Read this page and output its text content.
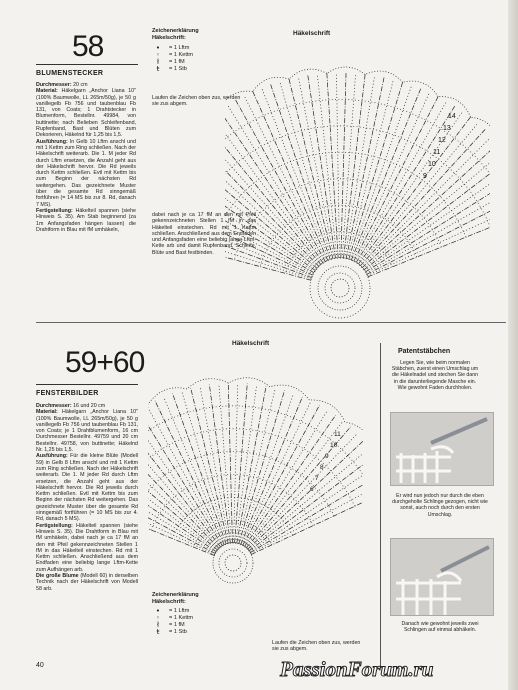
58
BLUMENSTECKER
Durchmesser: 20 cm
Material: Häkelgarn „Anchor Liana 10" (100% Baumwolle, LL 265m/50g), je 50 g vanillegelb Fb 756 und taubenblau Fb 131, von Coats; 1 Drahtstecker in Blumenform, Bestellnr. 49984, von buttinette; nach Belieben Schleifenband, Rupfenband, Bast und Blüten zum Dekorieren, Häkelnd für 1,25 bis 1,5.
Ausführung: In Gelb 10 Lftm anschl und mit 1 Kettm zum Ring schließen. Nach der Häkelschrift weiterarb. Die 1. M jeder Rd durch Lftm ersetzen, die Anzahl geht aus der Häkelschrift hervor. Die Rd jeweils durch Kettm schließen. Evtl mit Kettm bis zum Beginn der nächsten Rd weitergehen. Das gezeichnete Muster über die gesamte Rd sinngemäß fortführen (= 14 MS bis zur 8. Rd, danach 7 MS).
Fertigstellung: Häkelteil spannen (siehe Hinweis S. 35). Am Stab beginnend (za 1m Anfangsfaden hängen lassen) die Drahtform in Blau mit fM umhäkeln,
Zeichenerklärung
Häkelschrift:
•	= 1 Lftm
◦	= 1 Kettm
ł	= 1 fM
ŧ	= 1 Stb
Laufen die Zeichen oben zus, werden sie zus abgem.
dabei nach je ca 17 fM an den mit Pfeil gekennzeichneten Stellen 1 fM in das Häkelteil einstechen. Rd mit 1 Kettm schließen. Anschließend aus dem Endfaden und Anfangsfaden eine beliebig lange Lftm-Kette arb und damit Rupfenband, Schleife, Blüte und Bast festbinden.
Häkelschrift
14
13
12
11
10
9
59+60
FENSTERBILDER
Durchmesser: 16 und 20 cm
Material: Häkelgarn „Anchor Liana 10" (100% Baumwolle, LL 265m/50g), je 50 g vanillegelb Fb 756 und taubenblau Fb 131, von Coats; je 1 Drahtblumenform, 16 cm Durchmesser Bestellnr. 49759 und 20 cm Bestellnr. 49758, von buttinette; Häkelnd Nr. 1,25 bis 1,5.
Ausführung: Für die kleine Blüte (Modell 59) in Gelb 8 Lftm anschl und mit 1 Kettm zum Ring schließen. Nach der Häkelschrift weiterarb. Die 1. M jeder Rd durch Lftm ersetzen, die Anzahl geht aus der Häkelschrift hervor. Die Rd jeweils durch Kettm schließen. Evtl mit Kettm bis zum Beginn der nächsten Rd weitergehen. Das gezeichnete Muster über die gesamte Rd sinngemäß fortführen (= 10 MS bis zur 4. Rd, danach 5 MS).
Fertigstellung: Häkelteil spannen (siehe Hinweis S. 35). Die Drahtform in Blau mit fM umhäkeln, dabei nach je ca 17 fM an den mit Pfeil gekennzeichneten Stellen 1 fM in das Häkelteil einstechen. Rd mit 1 Kettm schließen. Anschließend aus dem Endfaden eine beliebig lange Lftm-Kette zum Aufhängen arb.
Die große Blume (Modell 60) in derselben Technik nach der Häkelschrift von Modell 58 arb.
Häkelschrift
11
10
9
8
7
6
Zeichenerklärung
Häkelschrift:
•	= 1 Lftm
◦	= 1 Kettm
ł	= 1 fM
ŧ	= 1 Stb
Laufen die Zeichen oben zus, werden sie zus abgem.
Patentstäbchen
Legen Sie, wie beim normalen Stäbchen, zuerst einen Umschlag um die Häkelnadel und stechen Sie dann in die darunterliegende Masche ein. Wie gewohnt Faden durchholen.
Er wird nun jedoch nur durch die eben durchgeholte Schlinge gezogen, nicht wie sonst, auch noch durch den ersten Umschlag.
Danach wie gewohnt jeweils zwei Schlingen auf einmal abhäkeln.
40	PassionForum.ru
